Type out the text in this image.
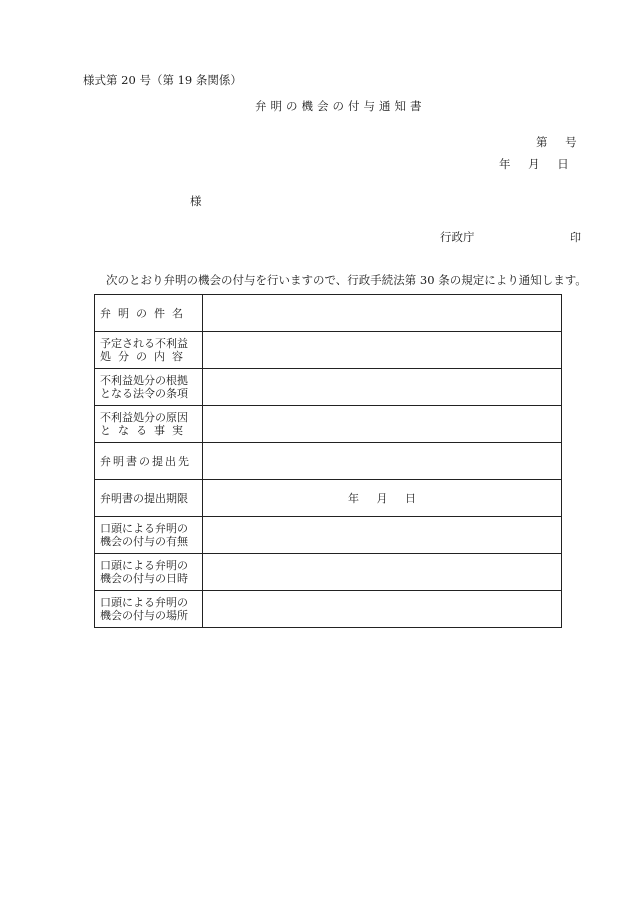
様式第 20 号（第 19 条関係）
弁明の機会の付与通知書
第 号
年 月 日
様
行政庁	印
次のとおり弁明の機会の付与を行いますので、行政手続法第 30 条の規定により通知します。
弁明の件名	

予定される不利益
処分の内容	

不利益処分の根拠
となる法令の条項	

不利益処分の原因
となる事実	

弁明書の提出先	

弁明書の提出期限	年 月 日

口頭による弁明の
機会の付与の有無	

口頭による弁明の
機会の付与の日時	

口頭による弁明の
機会の付与の場所	
